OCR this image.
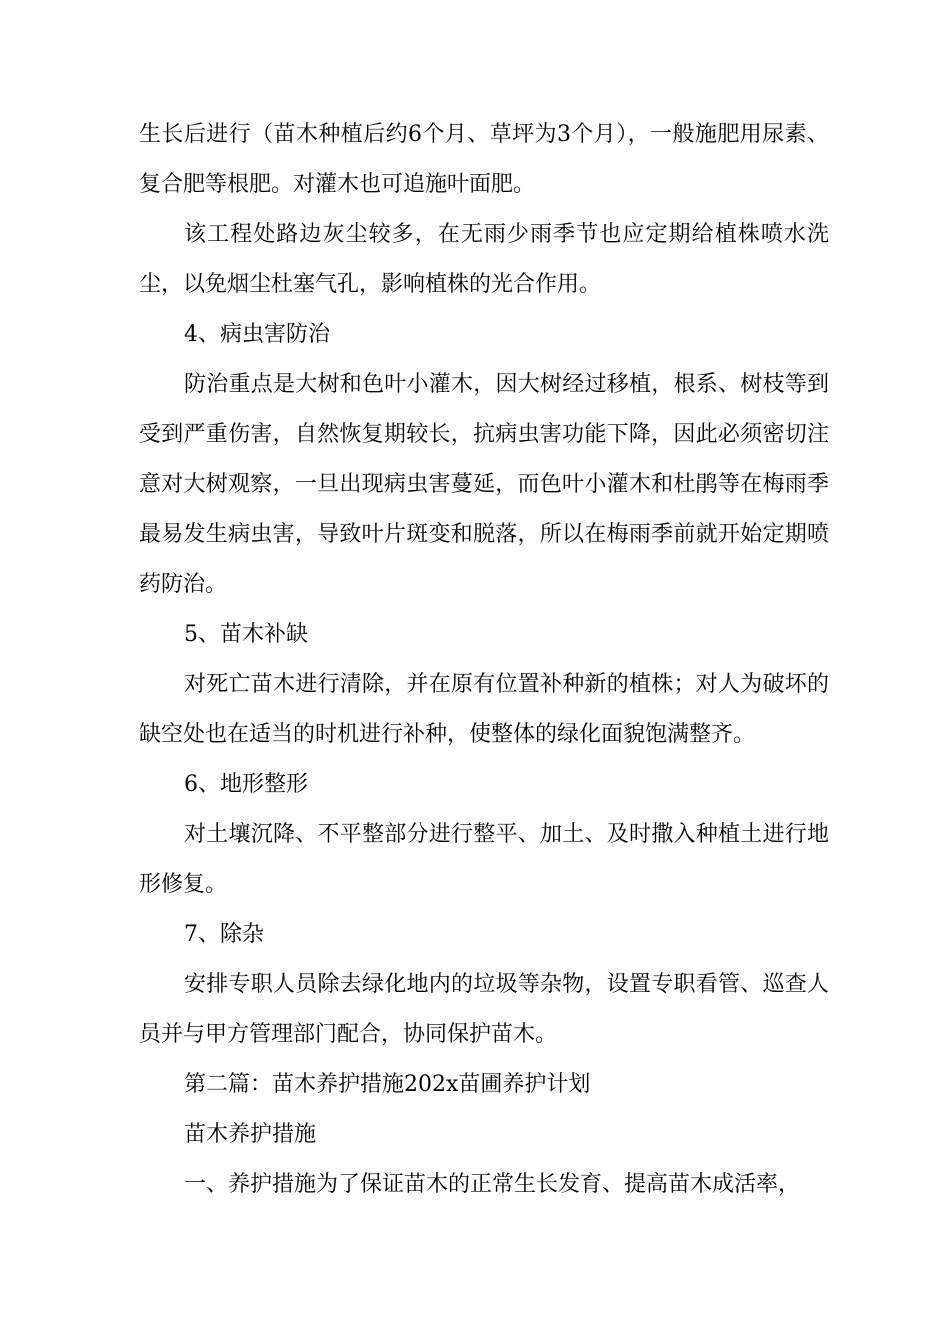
生长后进行（苗木种植后约6个月、草坪为3个月），一般施肥用尿素、复合肥等根肥。对灌木也可追施叶面肥。

该工程处路边灰尘较多，在无雨少雨季节也应定期给植株喷水洗尘，以免烟尘杜塞气孔，影响植株的光合作用。

4、病虫害防治

防治重点是大树和色叶小灌木，因大树经过移植，根系、树枝等到受到严重伤害，自然恢复期较长，抗病虫害功能下降，因此必须密切注意对大树观察，一旦出现病虫害蔓延，而色叶小灌木和杜鹃等在梅雨季最易发生病虫害，导致叶片斑变和脱落，所以在梅雨季前就开始定期喷药防治。

5、苗木补缺

对死亡苗木进行清除，并在原有位置补种新的植株；对人为破坏的缺空处也在适当的时机进行补种，使整体的绿化面貌饱满整齐。

6、地形整形

对土壤沉降、不平整部分进行整平、加土、及时撒入种植土进行地形修复。

7、除杂

安排专职人员除去绿化地内的垃圾等杂物，设置专职看管、巡查人员并与甲方管理部门配合，协同保护苗木。

第二篇：苗木养护措施202x苗圃养护计划

苗木养护措施

一、养护措施为了保证苗木的正常生长发育、提高苗木成活率，
